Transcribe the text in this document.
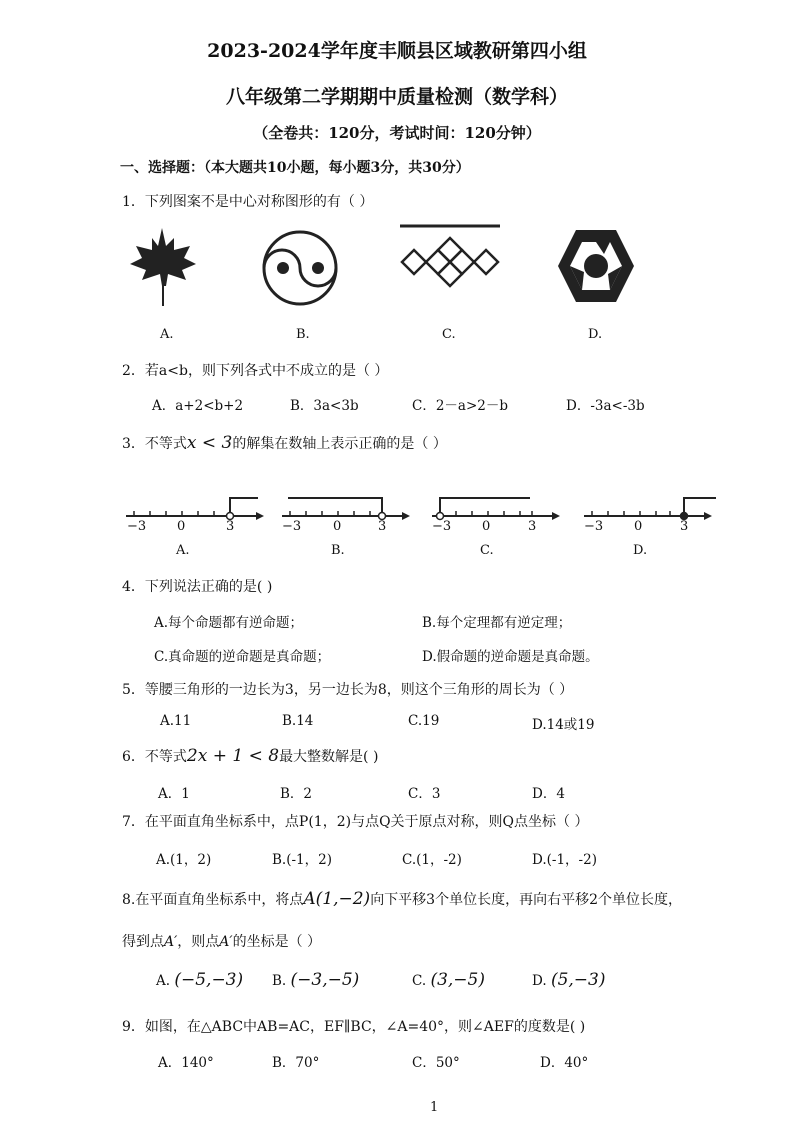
2023-2024学年度丰顺县区域教研第四小组
八年级第二学期期中质量检测（数学科）
（全卷共：120分，考试时间：120分钟）
一、选择题：（本大题共10小题，每小题3分，共30分）
1．下列图案不是中心对称图形的有（ ）
A.	B.	C.	D.
2．若a<b，则下列各式中不成立的是（ ）
A．a+2<b+2	B．3a<3b	C．2－a>2－b	D．-3a<-3b
3．不等式x < 3的解集在数轴上表示正确的是（ ）
−3 0	3	−3 0	3	−3 0	3	−3 0	3
A.	B.	C.	D.
4．下列说法正确的是( )
A.每个命题都有逆命题；	B.每个定理都有逆定理；
C.真命题的逆命题是真命题；	D.假命题的逆命题是真命题。
5．等腰三角形的一边长为3，另一边长为8，则这个三角形的周长为（ ）
A.11	B.14	C.19	D.14或19
6．不等式2x + 1 < 8最大整数解是( )
A．1	B．2	C．3	D．4
7．在平面直角坐标系中，点P(1，2)与点Q关于原点对称，则Q点坐标（ ）
A.(1，2)	B.(-1，2)	C.(1，-2)	D.(-1，-2)
8.在平面直角坐标系中，将点A(1,−2)向下平移3个单位长度，再向右平移2个单位长度，
得到点A′，则点A′的坐标是（ ）
A. (−5,−3) B. (−3,−5)	C. (3,−5)	D. (5,−3)
9．如图，在△ABC中AB=AC，EF∥BC，∠A=40°，则∠AEF的度数是( )
A．140°	B．70°	C．50°	D．40°
1
